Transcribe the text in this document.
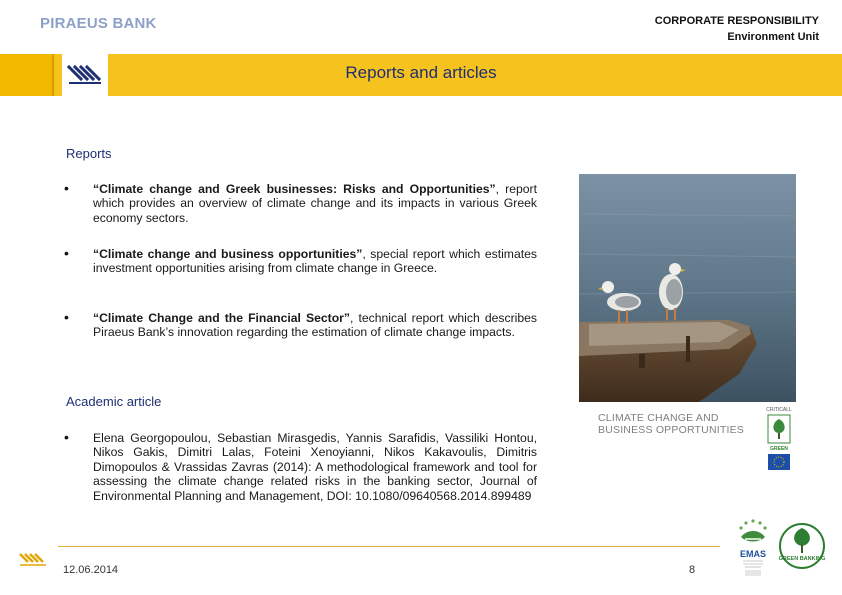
PIRAEUS BANK	CORPORATE RESPONSIBILITY
Environment Unit
Reports and articles
Reports
• “Climate change and Greek businesses: Risks and Opportunities”, report which provides an overview of climate change and its impacts in various Greek economy sectors.
• “Climate change and business opportunities”, special report which estimates investment opportunities arising from climate change in Greece.
• “Climate Change and the Financial Sector”, technical report which describes Piraeus Bank’s innovation regarding the estimation of climate change impacts.
Academic article
• Elena Georgopoulou, Sebastian Mirasgedis, Yannis Sarafidis, Vassiliki Hontou, Nikos Gakis, Dimitri Lalas, Foteini Xenoyianni, Nikos Kakavoulis, Dimitris Dimopoulos & Vrassidas Zavras (2014): A methodological framework and tool for assessing the climate change related risks in the banking sector, Journal of Environmental Planning and Management, DOI: 10.1080/09640568.2014.899489
CLIMATE CHANGE AND
BUSINESS OPPORTUNITIES
CRITICALL
GREEN
12.06.2014	8
EMAS GREEN BANKING
